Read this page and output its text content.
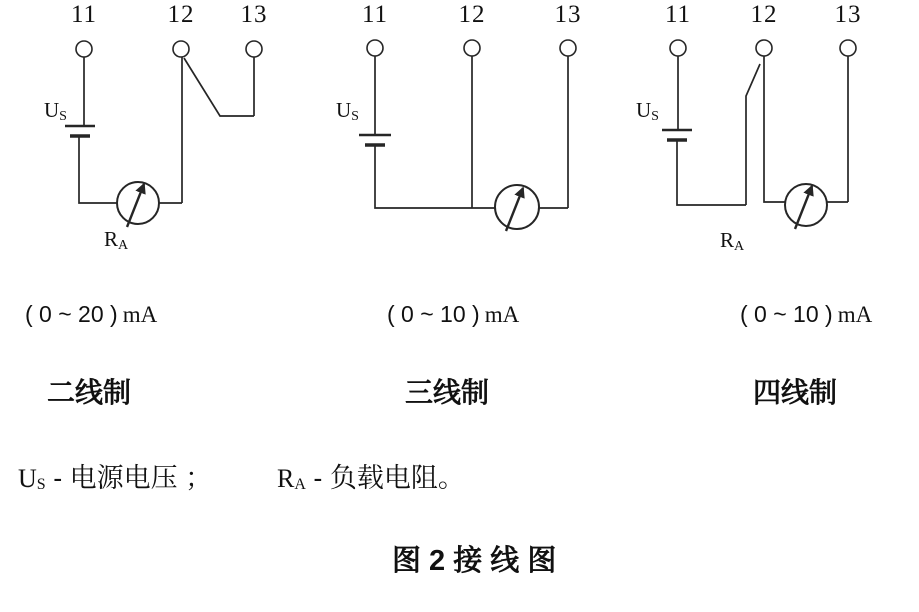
11	12 13
$U_S$
$R_A$
( 0 ~ 20 ) mA
二线制
11	12	13
$U_S$
( 0 ~ 10 ) mA
三线制
11 12 13
$U_S$
$R_A$
( 0 ~ 10 ) mA
四线制
$U_S$ - 电源电压 ； $R_A$ - 负载电阻。
图 2 接 线 图
